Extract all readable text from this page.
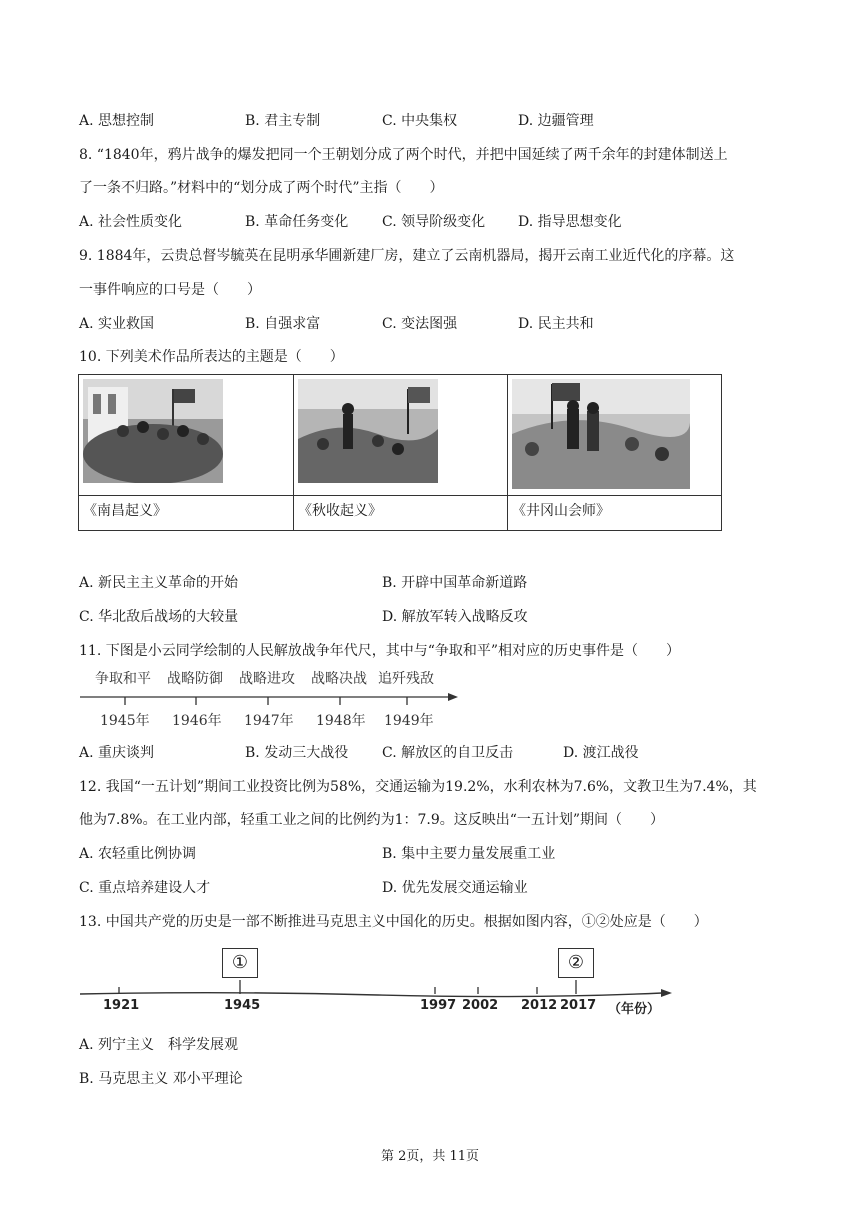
A. 思想控制	B. 君主专制	C. 中央集权	D. 边疆管理
8. “1840年，鸦片战争的爆发把同一个王朝划分成了两个时代，并把中国延续了两千余年的封建体制送上
了一条不归路。”材料中的“划分成了两个时代”主指（　　）
A. 社会性质变化	B. 革命任务变化 C. 领导阶级变化 D. 指导思想变化
9. 1884年，云贵总督岑毓英在昆明承华圃新建厂房，建立了云南机器局，揭开云南工业近代化的序幕。这
一事件响应的口号是（　　）
A. 实业救国	B. 自强求富	C. 变法图强	D. 民主共和
10. 下列美术作品所表达的主题是（　　）
《南昌起义》	《秋收起义》	《井冈山会师》
A. 新民主主义革命的开始	B. 开辟中国革命新道路
C. 华北敌后战场的大较量	D. 解放军转入战略反攻
11. 下图是小云同学绘制的人民解放战争年代尺，其中与“争取和平”相对应的历史事件是（　　）
争取和平 战略防御 战略进攻 战略决战 追歼残敌
1945年 1946年 1947年 1948年 1949年
A. 重庆谈判	B. 发动三大战役 C. 解放区的自卫反击	D. 渡江战役
12. 我国“一五计划”期间工业投资比例为58%，交通运输为19.2%，水利农林为7.6%，文教卫生为7.4%，其
他为7.8%。在工业内部，轻重工业之间的比例约为1：7.9。这反映出“一五计划”期间（　　）
A. 农轻重比例协调	B. 集中主要力量发展重工业
C. 重点培养建设人才	D. 优先发展交通运输业
13. 中国共产党的历史是一部不断推进马克思主义中国化的历史。根据如图内容，①②处应是（　　）
①	②
1921	1945	1997 2002 2012 2017 （年份）
A. 列宁主义　科学发展观
B. 马克思主义 邓小平理论
第 2页，共 11页
